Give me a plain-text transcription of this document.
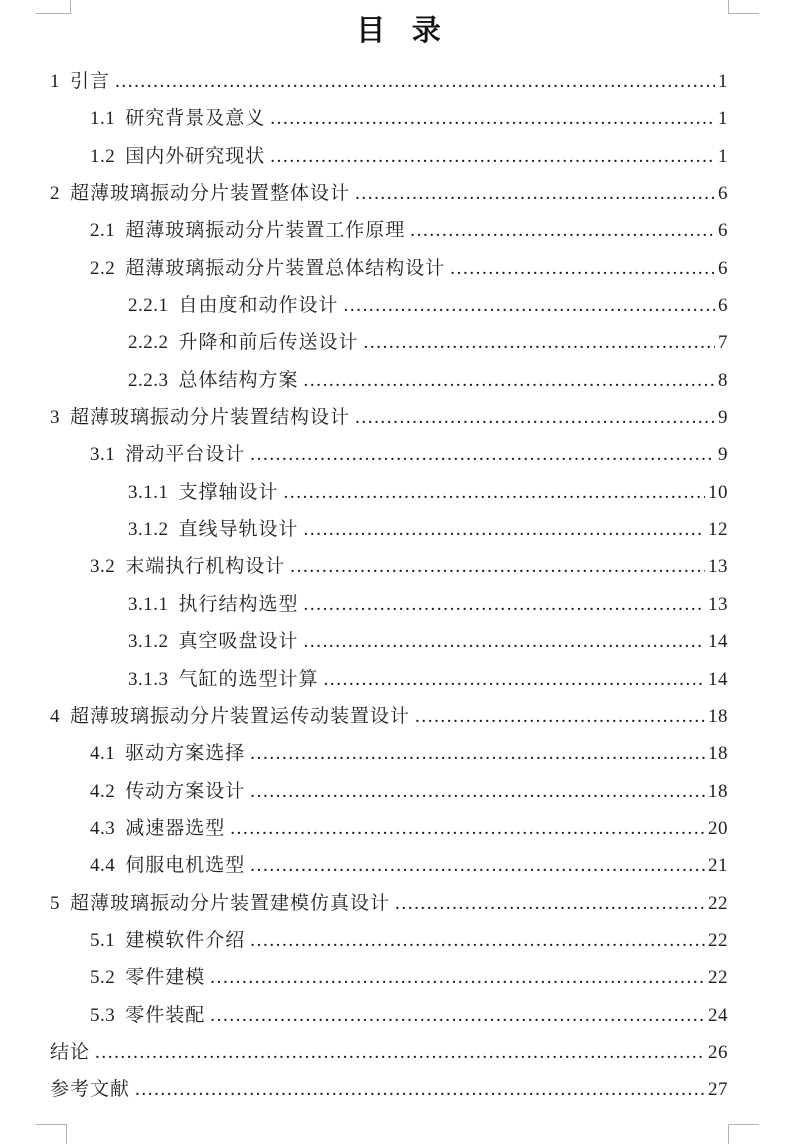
目  录
1 引言 .....	1
1.1 研究背景及意义 .....	1
1.2 国内外研究现状 .....	1
2 超薄玻璃振动分片装置整体设计 .....	6
2.1 超薄玻璃振动分片装置工作原理 .....	6
2.2 超薄玻璃振动分片装置总体结构设计 .....	6
2.2.1 自由度和动作设计 .....	6
2.2.2 升降和前后传送设计 .....	7
2.2.3 总体结构方案 .....	8
3 超薄玻璃振动分片装置结构设计 .....	9
3.1 滑动平台设计 .....	9
3.1.1 支撑轴设计 .....	10
3.1.2 直线导轨设计 .....	12
3.2 末端执行机构设计 .....	13
3.1.1 执行结构选型 .....	13
3.1.2 真空吸盘设计 .....	14
3.1.3 气缸的选型计算 .....	14
4 超薄玻璃振动分片装置运传动装置设计 .....	18
4.1 驱动方案选择 .....	18
4.2 传动方案设计 .....	18
4.3 减速器选型 .....	20
4.4 伺服电机选型 .....	21
5 超薄玻璃振动分片装置建模仿真设计 .....	22
5.1 建模软件介绍 .....	22
5.2 零件建模 .....	22
5.3 零件装配 .....	24
结论 .....	26
参考文献 .....	27
